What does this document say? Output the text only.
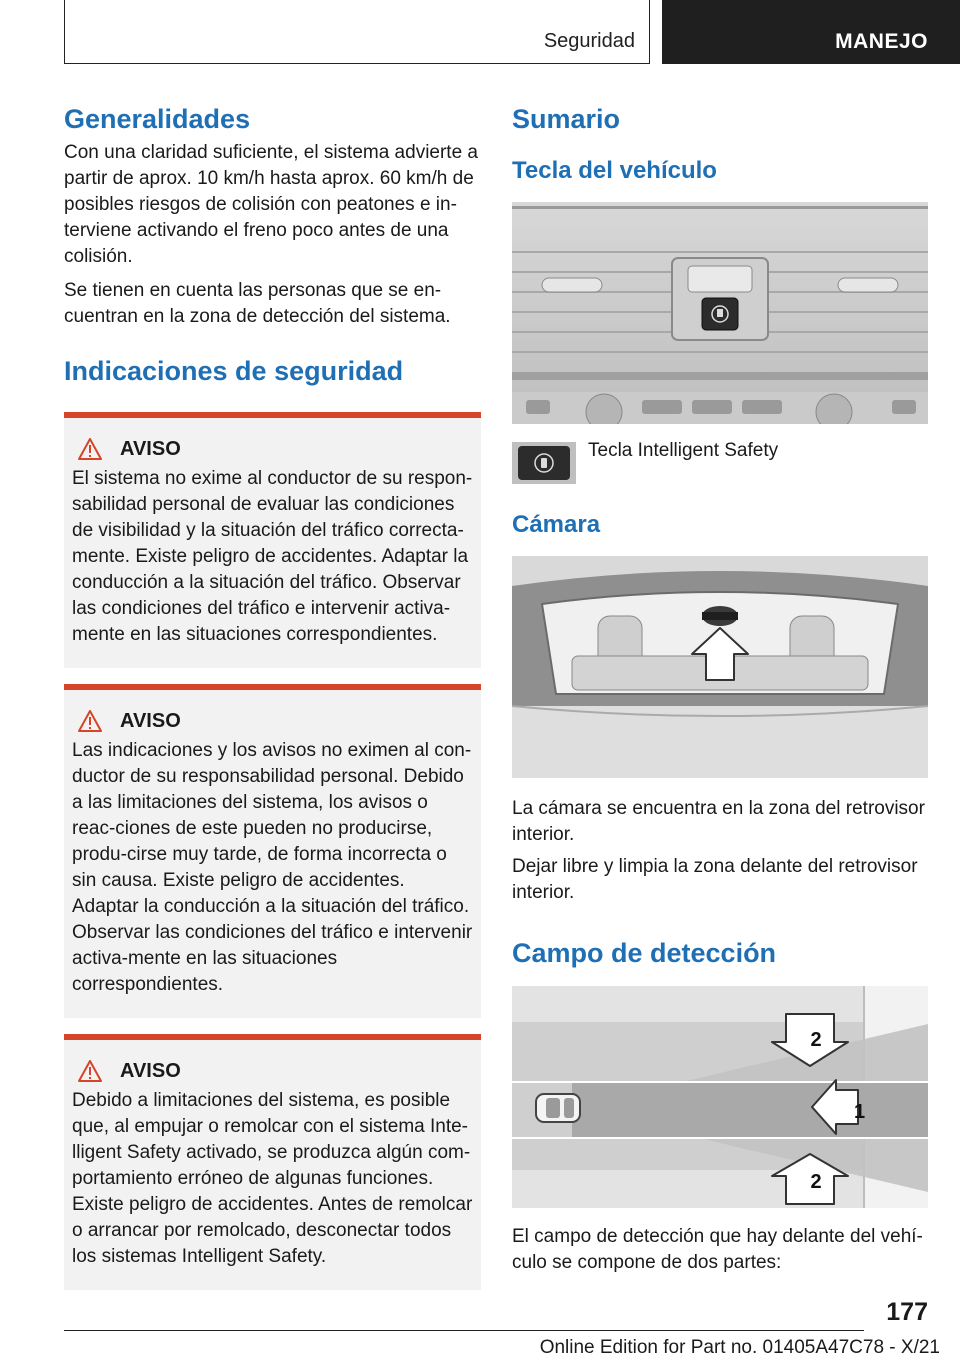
Seguridad	MANEJO
Generalidades

Con una claridad suficiente, el sistema advierte a partir de aprox. 10 km/h hasta aprox. 60 km/h de posibles riesgos de colisión con peatones e in-terviene activando el freno poco antes de una colisión.

Se tienen en cuenta las personas que se en-cuentran en la zona de detección del sistema.

Indicaciones de seguridad
AVISO

El sistema no exime al conductor de su respon-sabilidad personal de evaluar las condiciones de visibilidad y la situación del tráfico correcta-mente. Existe peligro de accidentes. Adaptar la conducción a la situación del tráfico. Observar las condiciones del tráfico e intervenir activa-mente en las situaciones correspondientes.

AVISO

Las indicaciones y los avisos no eximen al con-ductor de su responsabilidad personal. Debido a las limitaciones del sistema, los avisos o reac-ciones de este pueden no producirse, produ-cirse muy tarde, de forma incorrecta o sin causa. Existe peligro de accidentes. Adaptar la conducción a la situación del tráfico. Observar las condiciones del tráfico e intervenir activa-mente en las situaciones correspondientes.

AVISO

Debido a limitaciones del sistema, es posible que, al empujar o remolcar con el sistema Inte-lligent Safety activado, se produzca algún com-portamiento erróneo de algunas funciones. Existe peligro de accidentes. Antes de remolcar o arrancar por remolcado, desconectar todos los sistemas Intelligent Safety.

Sumario
Tecla del vehículo

Tecla Intelligent Safety

Cámara

La cámara se encuentra en la zona del retrovisor interior.

Dejar libre y limpia la zona delante del retrovisor interior.

Campo de detección
1
2
2

El campo de detección que hay delante del vehí-culo se compone de dos partes:

177
Online Edition for Part no. 01405A47C78 - X/21
